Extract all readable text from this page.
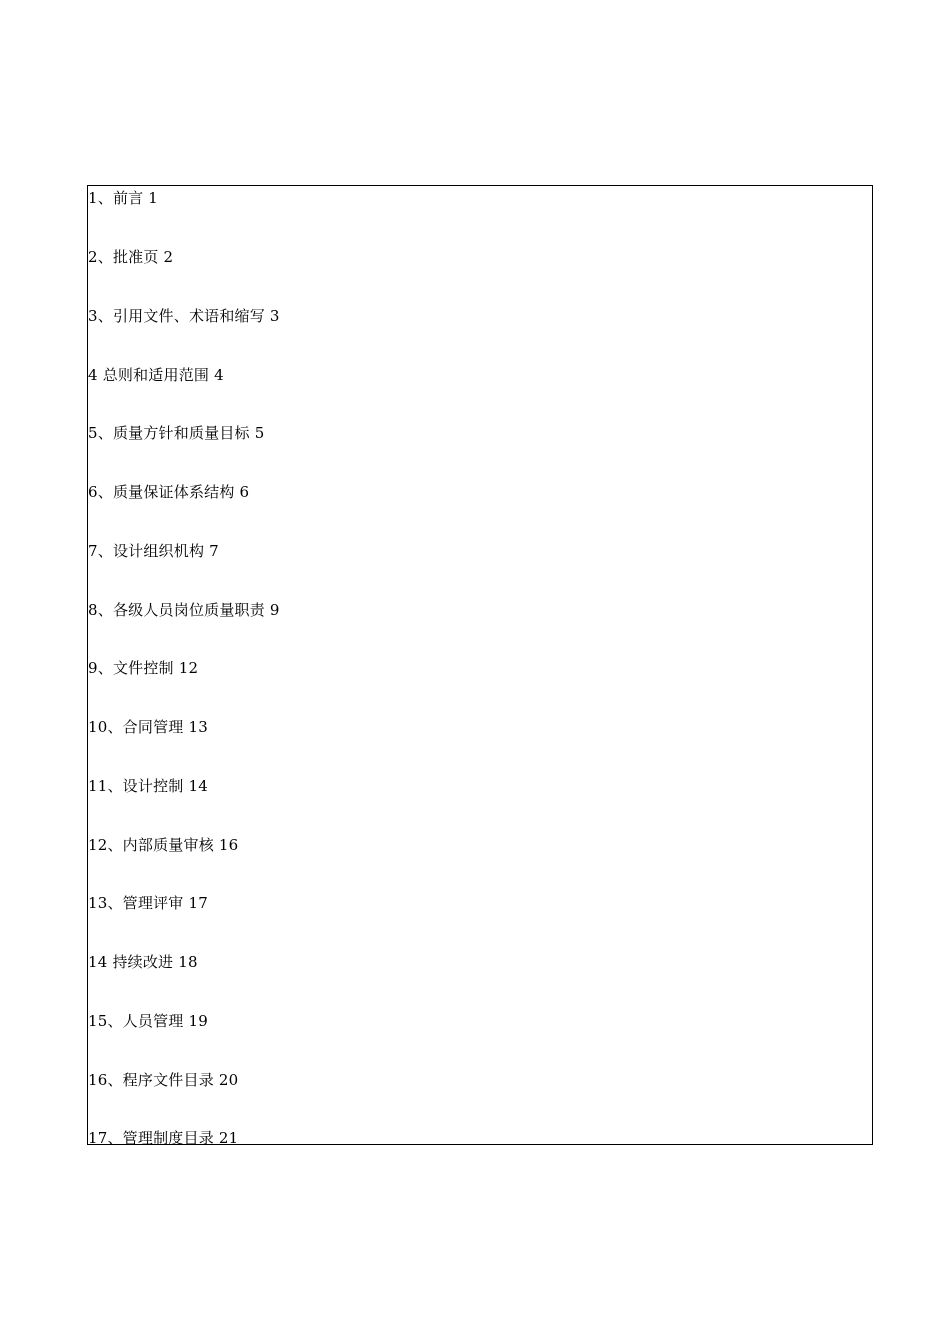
1、前言 1
2、批准页 2
3、引用文件、术语和缩写 3
4 总则和适用范围 4
5、质量方针和质量目标 5
6、质量保证体系结构 6
7、设计组织机构 7
8、各级人员岗位质量职责 9
9、文件控制 12
10、合同管理 13
11、设计控制 14
12、内部质量审核 16
13、管理评审 17
14 持续改进 18
15、人员管理 19
16、程序文件目录 20
17、管理制度目录 21
